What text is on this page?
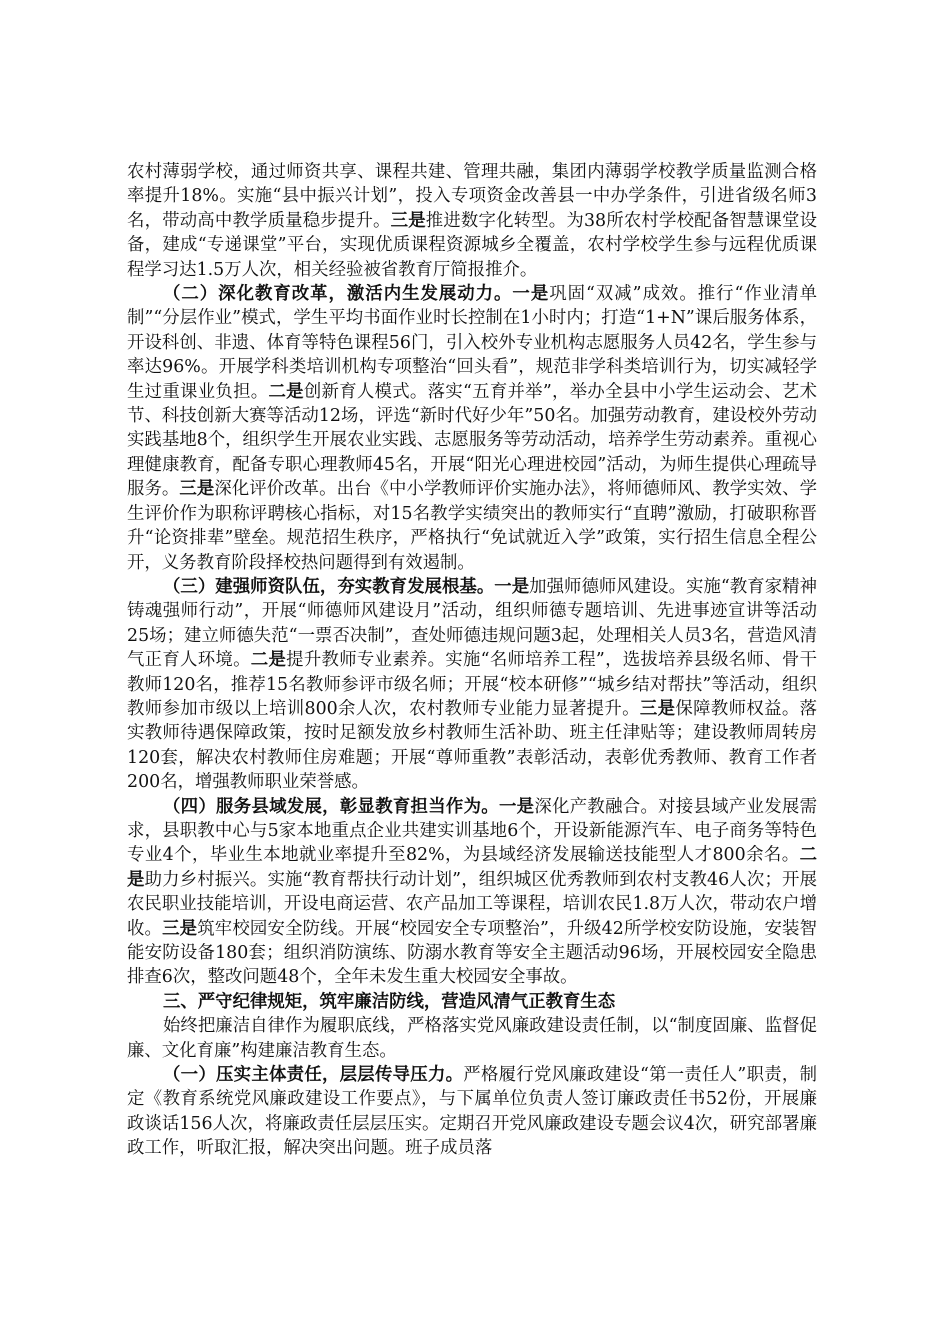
农村薄弱学校，通过师资共享、课程共建、管理共融，集团内薄弱学校教学质量监测合格率提升18%。实施“县中振兴计划”，投入专项资金改善县一中办学条件，引进省级名师3名，带动高中教学质量稳步提升。三是推进数字化转型。为38所农村学校配备智慧课堂设备，建成“专递课堂”平台，实现优质课程资源城乡全覆盖，农村学校学生参与远程优质课程学习达1.5万人次，相关经验被省教育厅简报推介。

（二）深化教育改革，激活内生发展动力。一是巩固“双减”成效。推行“作业清单制”“分层作业”模式，学生平均书面作业时长控制在1小时内；打造“1+N”课后服务体系，开设科创、非遗、体育等特色课程56门，引入校外专业机构志愿服务人员42名，学生参与率达96%。开展学科类培训机构专项整治“回头看”，规范非学科类培训行为，切实减轻学生过重课业负担。二是创新育人模式。落实“五育并举”，举办全县中小学生运动会、艺术节、科技创新大赛等活动12场，评选“新时代好少年”50名。加强劳动教育，建设校外劳动实践基地8个，组织学生开展农业实践、志愿服务等劳动活动，培养学生劳动素养。重视心理健康教育，配备专职心理教师45名，开展“阳光心理进校园”活动，为师生提供心理疏导服务。三是深化评价改革。出台《中小学教师评价实施办法》，将师德师风、教学实效、学生评价作为职称评聘核心指标，对15名教学实绩突出的教师实行“直聘”激励，打破职称晋升“论资排辈”壁垒。规范招生秩序，严格执行“免试就近入学”政策，实行招生信息全程公开，义务教育阶段择校热问题得到有效遏制。

（三）建强师资队伍，夯实教育发展根基。一是加强师德师风建设。实施“教育家精神铸魂强师行动”，开展“师德师风建设月”活动，组织师德专题培训、先进事迹宣讲等活动25场；建立师德失范“一票否决制”，查处师德违规问题3起，处理相关人员3名，营造风清气正育人环境。二是提升教师专业素养。实施“名师培养工程”，选拔培养县级名师、骨干教师120名，推荐15名教师参评市级名师；开展“校本研修”“城乡结对帮扶”等活动，组织教师参加市级以上培训800余人次，农村教师专业能力显著提升。三是保障教师权益。落实教师待遇保障政策，按时足额发放乡村教师生活补助、班主任津贴等；建设教师周转房120套，解决农村教师住房难题；开展“尊师重教”表彰活动，表彰优秀教师、教育工作者200名，增强教师职业荣誉感。

（四）服务县域发展，彰显教育担当作为。一是深化产教融合。对接县域产业发展需求，县职教中心与5家本地重点企业共建实训基地6个，开设新能源汽车、电子商务等特色专业4个，毕业生本地就业率提升至82%，为县域经济发展输送技能型人才800余名。二是助力乡村振兴。实施“教育帮扶行动计划”，组织城区优秀教师到农村支教46人次；开展农民职业技能培训，开设电商运营、农产品加工等课程，培训农民1.8万人次，带动农户增收。三是筑牢校园安全防线。开展“校园安全专项整治”，升级42所学校安防设施，安装智能安防设备180套；组织消防演练、防溺水教育等安全主题活动96场，开展校园安全隐患排查6次，整改问题48个，全年未发生重大校园安全事故。

三、严守纪律规矩，筑牢廉洁防线，营造风清气正教育生态

始终把廉洁自律作为履职底线，严格落实党风廉政建设责任制，以“制度固廉、监督促廉、文化育廉”构建廉洁教育生态。

（一）压实主体责任，层层传导压力。严格履行党风廉政建设“第一责任人”职责，制定《教育系统党风廉政建设工作要点》，与下属单位负责人签订廉政责任书52份，开展廉政谈话156人次，将廉政责任层层压实。定期召开党风廉政建设专题会议4次，研究部署廉政工作，听取汇报，解决突出问题。班子成员落
